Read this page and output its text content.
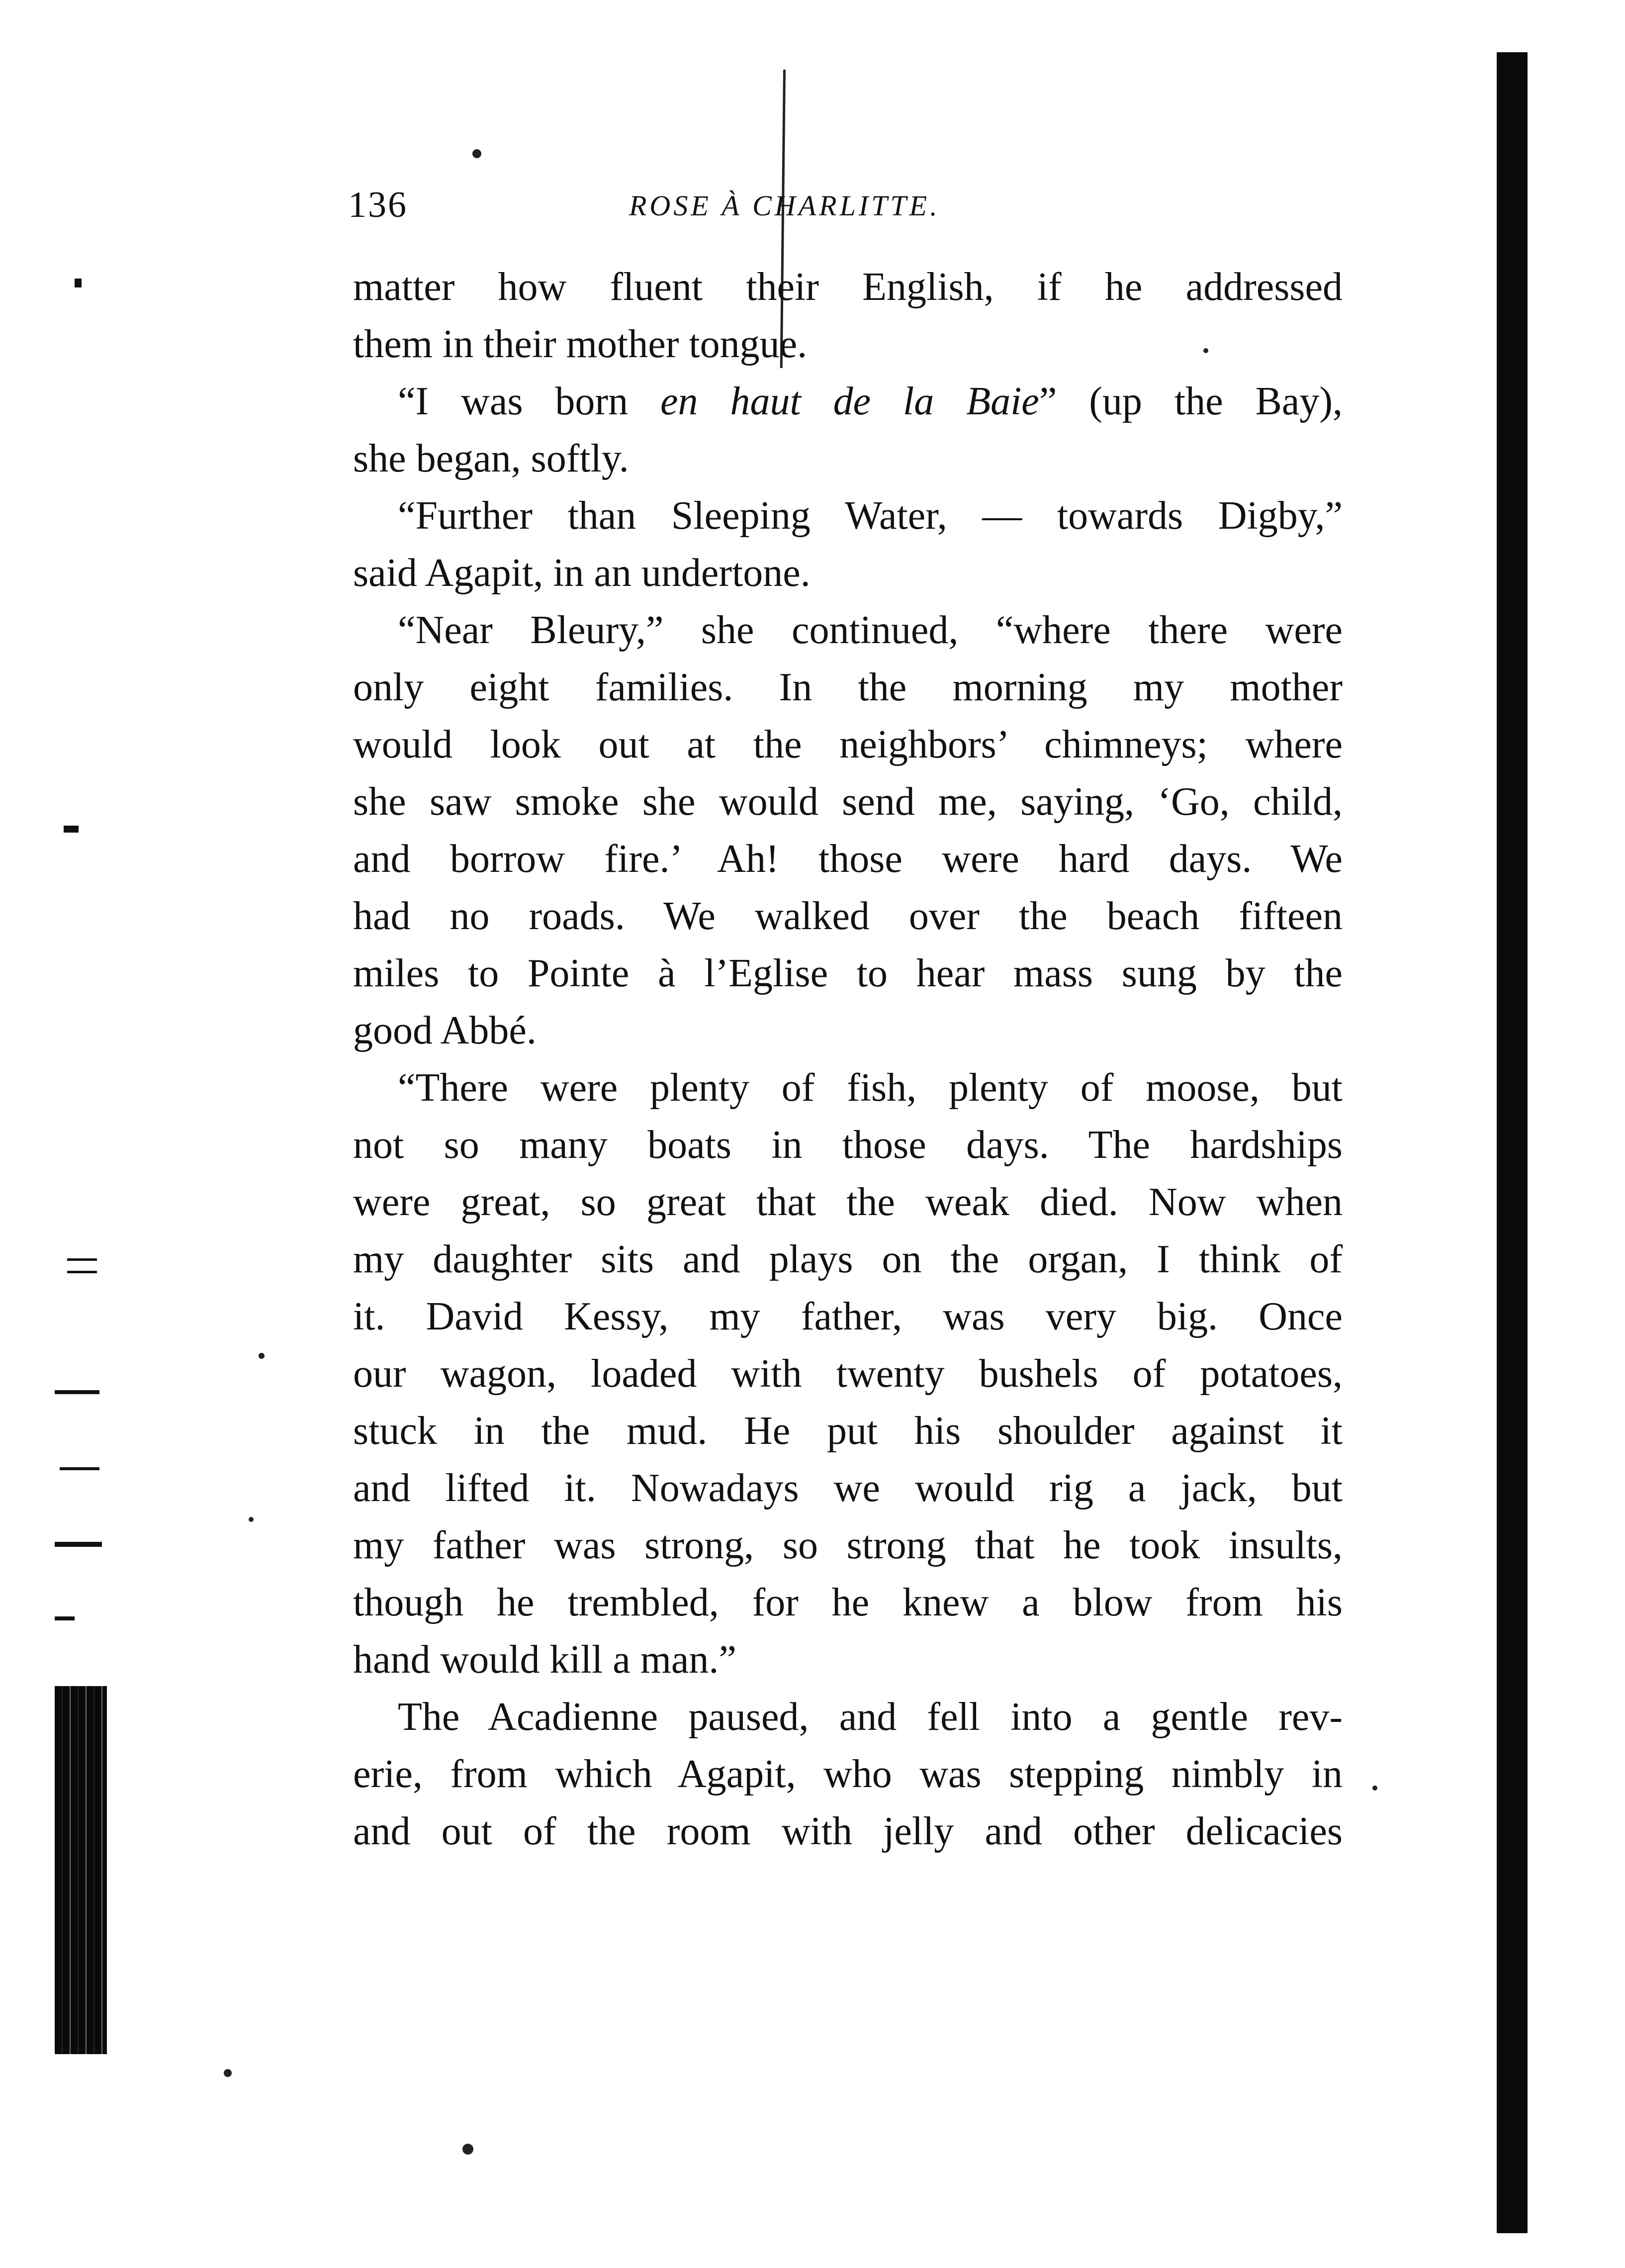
136	ROSE À CHARLITTE.
matter how fluent their English, if he addressed
them in their mother tongue.
“I was born en haut de la Baie” (up the Bay),
she began, softly.
“Further than Sleeping Water, — towards Digby,”
said Agapit, in an undertone.
“Near Bleury,” she continued, “where there were
only eight families. In the morning my mother
would look out at the neighbors’ chimneys; where
she saw smoke she would send me, saying, ‘Go, child,
and borrow fire.’ Ah! those were hard days. We
had no roads. We walked over the beach fifteen
miles to Pointe à l’Eglise to hear mass sung by the
good Abbé.
“There were plenty of fish, plenty of moose, but
not so many boats in those days. The hardships
were great, so great that the weak died. Now when
my daughter sits and plays on the organ, I think of
it. David Kessy, my father, was very big. Once
our wagon, loaded with twenty bushels of potatoes,
stuck in the mud. He put his shoulder against it
and lifted it. Nowadays we would rig a jack, but
my father was strong, so strong that he took insults,
though he trembled, for he knew a blow from his
hand would kill a man.”
The Acadienne paused, and fell into a gentle rev-
erie, from which Agapit, who was stepping nimbly in
and out of the room with jelly and other delicacies
